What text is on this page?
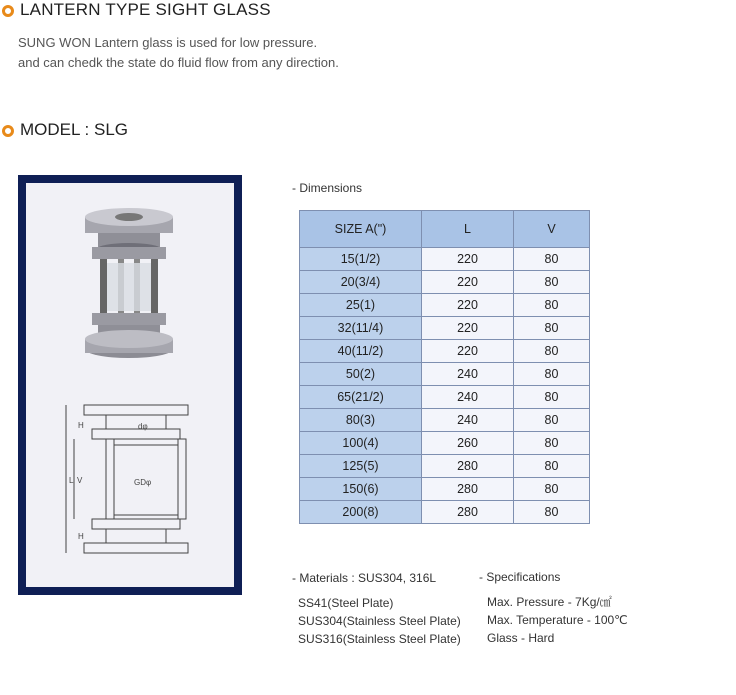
LANTERN TYPE SIGHT GLASS
SUNG WON Lantern glass is used for low pressure.
and can chedk the state do fluid flow from any direction.
MODEL : SLG
dφ
GDφ
L V
H
H
- Dimensions
SIZE A(")	L	V
15(1/2)	220	80
20(3/4)	220	80
25(1)	220	80
32(11/4)	220	80
40(11/2)	220	80
50(2)	240	80
65(21/2)	240	80
80(3)	240	80
100(4)	260	80
125(5)	280	80
150(6)	280	80
200(8)	280	80
- Materials : SUS304, 316L
SS41(Steel Plate)
SUS304(Stainless Steel Plate)
SUS316(Stainless Steel Plate)
- Specifications
Max. Pressure - 7Kg/㎠
Max. Temperature - 100℃
Glass - Hard
